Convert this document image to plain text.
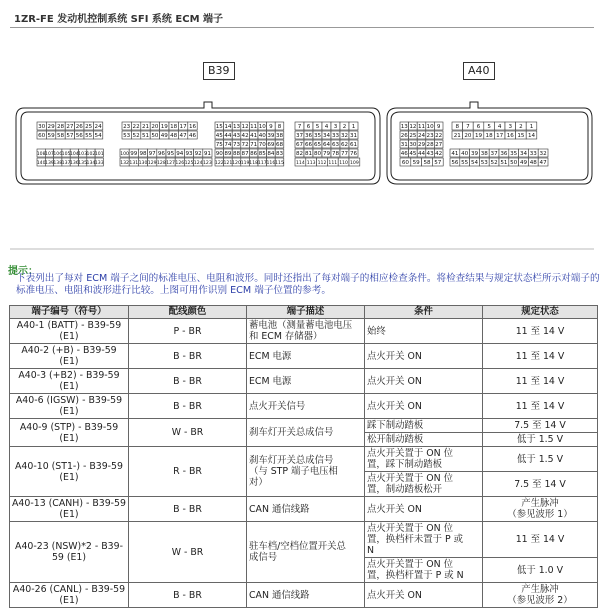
1ZR-FE 发动机控制系统 SFI 系统 ECM 端子
B39	A40
30 29 28 27 26 25 24
60 59 58 57 56 55 54
108 107 106 105 104 103 102 101
140 139 138 137 136 135 134 133
23 22 21 20 19 18 17 16
53 52 51 50 49 48 47 46
100 99 98 97 96 95 94 93 92 91
132 131 130 129 128 127 126 125 124 123
15 14 13 12 11 10 9 8
45 44 43 42 41 40 39 38
75 74 73 72 71 70 69 68
90 89 88 87 86 85 84 83
122 121 120 119 118 117 116 115
7 6 5 4 3 2 1
37 36 35 34 33 32 31
67 66 65 64 63 62 61
82 81 80 79 78 77 76
114 113 112 111 110 109
13 12 11 10 9
26 25 24 23 22
31 30 29 28 27
46 45 44 43 42
60 59 58 57
8 7 6 5 4 3 2 1
21 20 19 18 17 16 15 14
41 40 39 38 37 36 35 34 33 32
56 55 54 53 52 51 50 49 48 47
提示：
下表列出了每对 ECM 端子之间的标准电压、电阻和波形。同时还指出了每对端子的相应检查条件。将检查结果与规定状态栏所示对端子的标准电压、电阻和波形进行比较。上图可用作识别 ECM 端子位置的参考。
端子编号（符号）	配线颜色	端子描述	条件	规定状态

A40-1 (BATT) - B39-59
(E1)	P - BR	蓄电池（测量蓄电池电压
和 ECM 存储器）	始终	11 至 14 V

A40-2 (+B) - B39-59
(E1)	B - BR	ECM 电源	点火开关 ON	11 至 14 V

A40-3 (+B2) - B39-59
(E1)	B - BR	ECM 电源	点火开关 ON	11 至 14 V

A40-6 (IGSW) - B39-59
(E1)	B - BR	点火开关信号	点火开关 ON	11 至 14 V

A40-9 (STP) - B39-59
(E1)	W - BR	刹车灯开关总成信号	踩下制动踏板	7.5 至 14 V

			松开制动踏板	低于 1.5 V

A40-10 (ST1-) - B39-59
(E1)	R - BR	刹车灯开关总成信号
（与 STP 端子电压相
对）	点火开关置于 ON 位
置，踩下制动踏板	低于 1.5 V

			点火开关置于 ON 位
置，制动踏板松开	7.5 至 14 V

A40-13 (CANH) - B39-59
(E1)	B - BR	CAN 通信线路	点火开关 ON	产生脉冲
（参见波形 1）

A40-23 (NSW)*2 - B39-
59 (E1)	W - BR	驻车档/空档位置开关总
成信号	点火开关置于 ON 位
置，换档杆未置于 P 或
N	11 至 14 V

			点火开关置于 ON 位
置，换档杆置于 P 或 N	低于 1.0 V

A40-26 (CANL) - B39-59
(E1)	B - BR	CAN 通信线路	点火开关 ON	产生脉冲
（参见波形 2）
